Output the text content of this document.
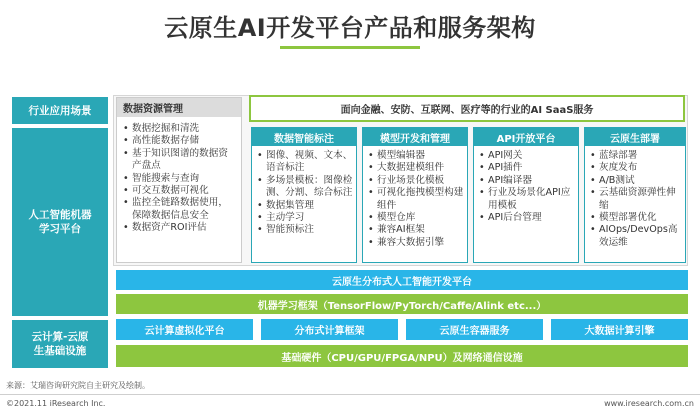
云原生AI开发平台产品和服务架构
行业应用场景
人工智能机器
学习平台
云计算-云原
生基础设施
面向金融、安防、互联网、医疗等的行业的AI SaaS服务
数据资源管理
• 数据挖掘和清洗
• 高性能数据存储
• 基于知识图谱的数据资产盘点
• 智能搜索与查询
• 可交互数据可视化
• 监控全链路数据使用，保障数据信息安全
• 数据资产ROI评估
数据智能标注
• 图像、视频、文本、语音标注
• 多场景模板：图像检测、分割、综合标注
• 数据集管理
• 主动学习
• 智能预标注
模型开发和管理
• 模型编辑器
• 大数据建模组件
• 行业场景化模板
• 可视化拖拽模型构建组件
• 模型仓库
• 兼容AI框架
• 兼容大数据引擎
API开放平台
• API网关
• API插件
• API编译器
• 行业及场景化API应用模板
• API后台管理
云原生部署
• 蓝绿部署
• 灰度发布
• A/B测试
• 云基础资源弹性伸缩
• 模型部署优化
• AIOps/DevOps高效运维
云原生分布式人工智能开发平台
机器学习框架（TensorFlow/PyTorch/Caffe/Alink etc...）
云计算虚拟化平台	分布式计算框架	云原生容器服务	大数据计算引擎
基础硬件（CPU/GPU/FPGA/NPU）及网络通信设施
来源：艾瑞咨询研究院自主研究及绘制。
©2021.11 iResearch Inc.	www.iresearch.com.cn
